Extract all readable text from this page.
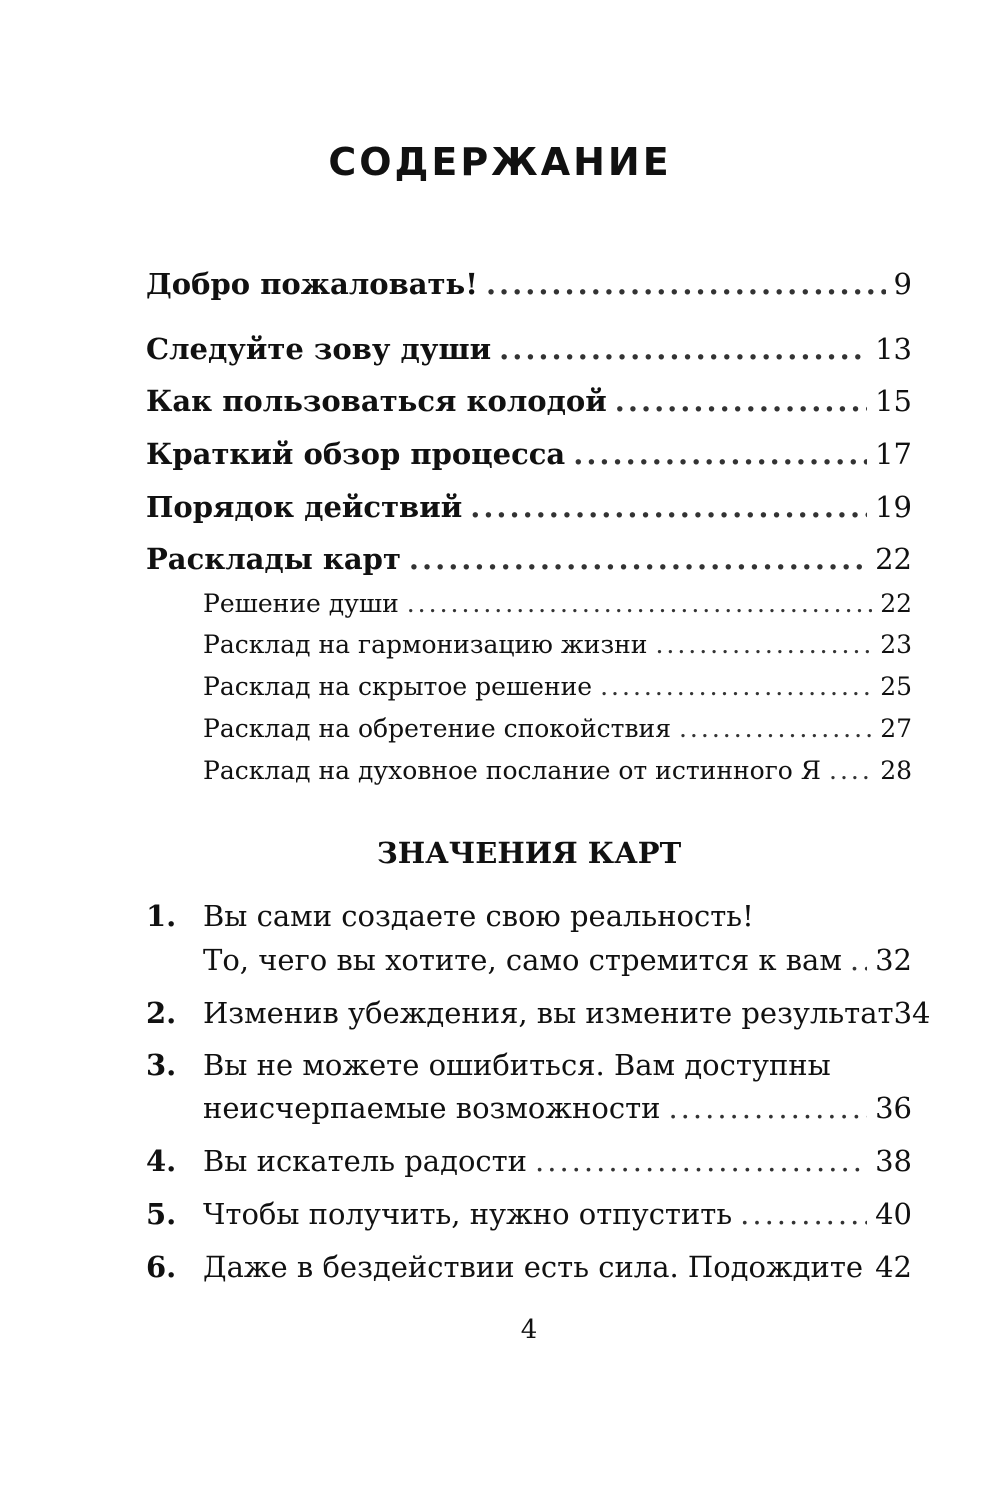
СОДЕРЖАНИЕ
Добро пожаловать! .....	9
Следуйте зову души .....	13
Как пользоваться колодой .....	15
Краткий обзор процесса .....	17
Порядок действий .....	19
Расклады карт .....	22
Решение души .....	22
Расклад на гармонизацию жизни .....	23
Расклад на скрытое решение .....	25
Расклад на обретение спокойствия .....	27
Расклад на духовное послание от истинного Я ..... 28
ЗНАЧЕНИЯ КАРТ
1. Вы сами создаете свою реальность!
То, чего вы хотите, само стремится к вам ..... 32
2. Изменив убеждения, вы измените результат 34
3. Вы не можете ошибиться. Вам доступны
неисчерпаемые возможности .....	36
4. Вы искатель радости .....	38
5. Чтобы получить, нужно отпустить .....	40
6. Даже в бездействии есть сила. Подождите 42
4
